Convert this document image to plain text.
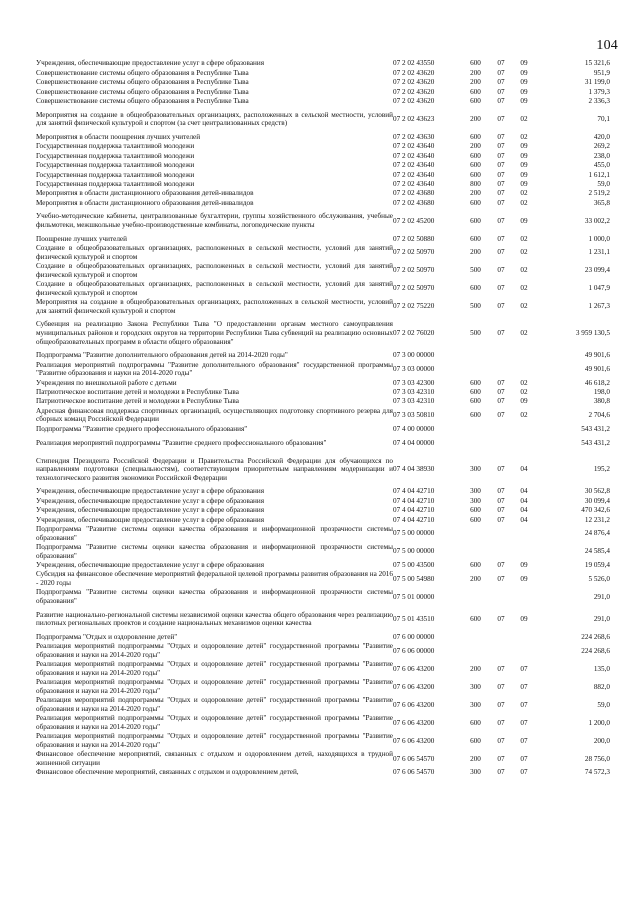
104
Учреждения, обеспечивающие предоставление услуг в сфере образования	07 2 02 43550	600	07	09	15 321,6
Совершенствование системы общего образования в Республике Тыва	07 2 02 43620	200	07	09	951,9
Совершенствование системы общего образования в Республике Тыва	07 2 02 43620	200	07	09	31 199,0
Совершенствование системы общего образования в Республике Тыва	07 2 02 43620	600	07	09	1 379,3
Совершенствование системы общего образования в Республике Тыва	07 2 02 43620	600	07	09	2 336,3
Мероприятия на создание в общеобразовательных организациях, расположенных в сельской местности, условий для занятий физической культурой и спортом (за счет централизованных средств)	07 2 02 43623	200	07	02	70,1
Мероприятия в области поощрения лучших учителей	07 2 02 43630	600	07	02	420,0
Государственная поддержка талантливой молодежи	07 2 02 43640	200	07	09	269,2
Государственная поддержка талантливой молодежи	07 2 02 43640	600	07	09	238,0
Государственная поддержка талантливой молодежи	07 2 02 43640	600	07	09	455,0
Государственная поддержка талантливой молодежи	07 2 02 43640	600	07	09	1 612,1
Государственная поддержка талантливой молодежи	07 2 02 43640	800	07	09	59,0
Мероприятия в области дистанционного образования детей-инвалидов	07 2 02 43680	200	07	02	2 519,2
Мероприятия в области дистанционного образования детей-инвалидов	07 2 02 43680	600	07	02	365,8
Учебно-методические кабинеты, централизованные бухгалтерии, группы хозяйственного обслуживания, учебные фильмотеки, межшкольные учебно-производственные комбинаты, логопедические пункты	07 2 02 45200	600	07	09	33 002,2
Поощрение лучших учителей	07 2 02 50880	600	07	02	1 000,0
Создание в общеобразовательных организациях, расположенных в сельской местности, условий для занятий физической культурой и спортом	07 2 02 50970	200	07	02	1 231,1
Создание в общеобразовательных организациях, расположенных в сельской местности, условий для занятий физической культурой и спортом	07 2 02 50970	500	07	02	23 099,4
Создание в общеобразовательных организациях, расположенных в сельской местности, условий для занятий физической культурой и спортом	07 2 02 50970	600	07	02	1 047,9
Мероприятия на создание в общеобразовательных организациях, расположенных в сельской местности, условий для занятий физической культурой и спортом	07 2 02 75220	500	07	02	1 267,3
Субвенция на реализацию Закона Республики Тыва "О предоставлении органам местного самоуправления муниципальных районов и городских округов на территории Республики Тыва субвенций на реализацию основных общеобразовательных программ в области общего образования"	07 2 02 76020	500	07	02	3 959 130,5
Подпрограмма "Развитие дополнительного образования детей на 2014-2020 годы"	07 3 00 00000				49 901,6
Реализация мероприятий подпрограммы "Развитие дополнительного образования" государственной программы "Развитие образования и науки на 2014-2020 годы"	07 3 03 00000				49 901,6
Учреждения по внешкольной работе с детьми	07 3 03 42300	600	07	02	46 618,2
Патриотическое воспитание детей и молодежи в Республике Тыва	07 3 03 42310	600	07	02	198,0
Патриотическое воспитание детей и молодежи в Республике Тыва	07 3 03 42310	600	07	09	380,8
Адресная финансовая поддержка спортивных организаций, осуществляющих подготовку спортивного резерва для сборных команд Российской Федерации	07 3 03 50810	600	07	02	2 704,6
Подпрограмма "Развитие среднего профессионального образования"	07 4 00 00000				543 431,2
Реализация мероприятий подпрограммы "Развитие среднего профессионального образования"	07 4 04 00000				543 431,2
Стипендия Президента Российской Федерации и Правительства Российской Федерации для обучающихся по направлениям подготовки (специальностям), соответствующим приоритетным направлениям модернизации и технологического развития экономики Российской Федерации	07 4 04 38930	300	07	04	195,2
Учреждения, обеспечивающие предоставление услуг в сфере образования	07 4 04 42710	300	07	04	30 562,8
Учреждения, обеспечивающие предоставление услуг в сфере образования	07 4 04 42710	300	07	04	30 099,4
Учреждения, обеспечивающие предоставление услуг в сфере образования	07 4 04 42710	600	07	04	470 342,6
Учреждения, обеспечивающие предоставление услуг в сфере образования	07 4 04 42710	600	07	04	12 231,2
Подпрограмма "Развитие системы оценки качества образования и информационной прозрачности системы образования"	07 5 00 00000				24 876,4
Подпрограмма "Развитие системы оценки качества образования и информационной прозрачности системы образования"	07 5 00 00000				24 585,4
Учреждения, обеспечивающие предоставление услуг в сфере образования	07 5 00 43500	600	07	09	19 059,4
Субсидия на финансовое обеспечение мероприятий федеральной целевой программы развития образования на 2016 - 2020 годы	07 5 00 54980	200	07	09	5 526,0
Подпрограмма "Развитие системы оценки качества образования и информационной прозрачности системы образования"	07 5 01 00000				291,0
Развитие национально-региональной системы независимой оценки качества общего образования через реализацию пилотных региональных проектов и создание национальных механизмов оценки качества	07 5 01 43510	600	07	09	291,0
Подпрограмма "Отдых и оздоровление детей"	07 6 00 00000				224 268,6
Реализация мероприятий подпрограммы "Отдых и оздоровление детей" государственной программы "Развитие образования и науки на 2014-2020 годы"	07 6 06 00000				224 268,6
Реализация мероприятий подпрограммы "Отдых и оздоровление детей" государственной программы "Развитие образования и науки на 2014-2020 годы"	07 6 06 43200	200	07	07	135,0
Реализация мероприятий подпрограммы "Отдых и оздоровление детей" государственной программы "Развитие образования и науки на 2014-2020 годы"	07 6 06 43200	300	07	07	882,0
Реализация мероприятий подпрограммы "Отдых и оздоровление детей" государственной программы "Развитие образования и науки на 2014-2020 годы"	07 6 06 43200	300	07	07	59,0
Реализация мероприятий подпрограммы "Отдых и оздоровление детей" государственной программы "Развитие образования и науки на 2014-2020 годы"	07 6 06 43200	600	07	07	1 200,0
Реализация мероприятий подпрограммы "Отдых и оздоровление детей" государственной программы "Развитие образования и науки на 2014-2020 годы"	07 6 06 43200	600	07	07	200,0
Финансовое обеспечение мероприятий, связанных с отдыхом и оздоровлением детей, находящихся в трудной жизненной ситуации	07 6 06 54570	200	07	07	28 756,0
Финансовое обеспечение мероприятий, связанных с отдыхом и оздоровлением детей,	07 6 06 54570	300	07	07	74 572,3
